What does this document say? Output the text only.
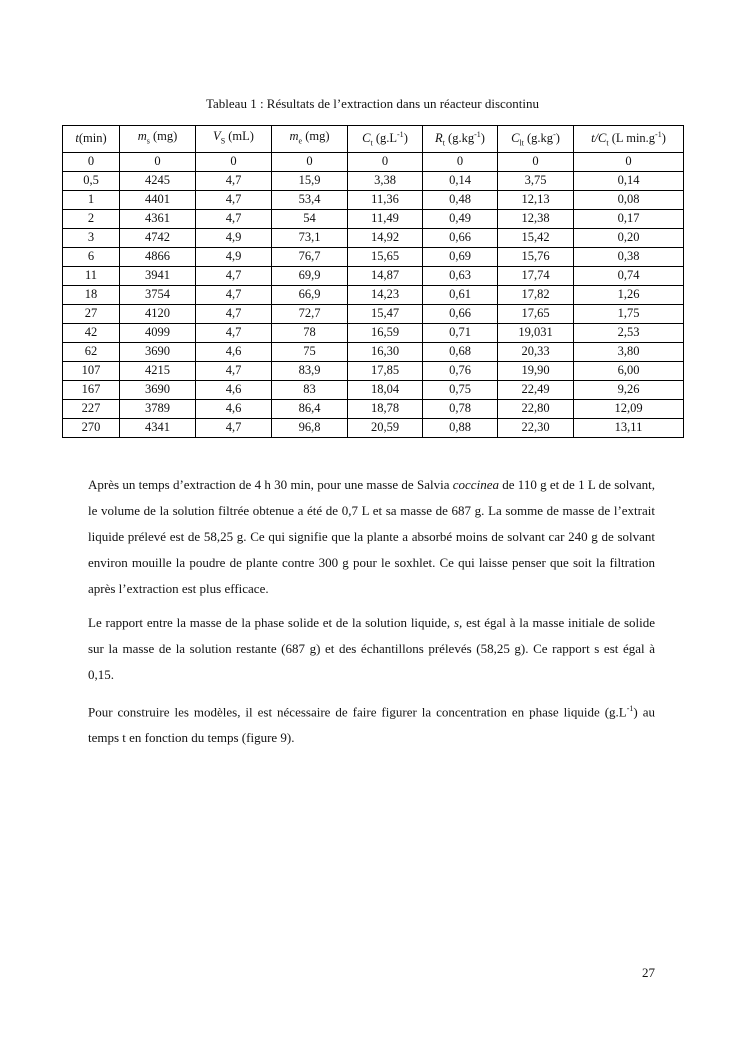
Tableau 1 : Résultats de l’extraction dans un réacteur discontinu
t(min)	$m_s$ (mg)	$V_S$ (mL)	$m_e$ (mg)	$C_t$ $(g.L^{-1})$	$R_t$ $(g.kg^{-1})$	$C_{lt}$ (g.kg-)	$t/C_t$ (L $\min.g^{-1}$)
0	0	0	0	0	0	0	0
0,5	4245	4,7	15,9	3,38	0,14	3,75	0,14
1	4401	4,7	53,4	11,36	0,48	12,13	0,08
2	4361	4,7	54	11,49	0,49	12,38	0,17
3	4742	4,9	73,1	14,92	0,66	15,42	0,20
6	4866	4,9	76,7	15,65	0,69	15,76	0,38
11	3941	4,7	69,9	14,87	0,63	17,74	0,74
18	3754	4,7	66,9	14,23	0,61	17,82	1,26
27	4120	4,7	72,7	15,47	0,66	17,65	1,75
42	4099	4,7	78	16,59	0,71	19,031	2,53
62	3690	4,6	75	16,30	0,68	20,33	3,80
107	4215	4,7	83,9	17,85	0,76	19,90	6,00
167	3690	4,6	83	18,04	0,75	22,49	9,26
227	3789	4,6	86,4	18,78	0,78	22,80	12,09
270	4341	4,7	96,8	20,59	0,88	22,30	13,11

Après un temps d’extraction de 4 h 30 min, pour une masse de Salvia coccinea de 110 g et de 1 L de solvant, le volume de la solution filtrée obtenue a été de 0,7 L et sa masse de 687 g. La somme de masse de l’extrait liquide prélevé est de 58,25 g. Ce qui signifie que la plante a absorbé moins de solvant car 240 g de solvant environ mouille la poudre de plante contre 300 g pour le soxhlet. Ce qui laisse penser que soit la filtration après l’extraction est plus efficace.

Le rapport entre la masse de la phase solide et de la solution liquide, s, est égal à la masse initiale de solide sur la masse de la solution restante (687 g) et des échantillons prélevés (58,25 g). Ce rapport s est égal à 0,15.

Pour construire les modèles, il est nécessaire de faire figurer la concentration en phase liquide $(g.L^{-1})$ au temps t en fonction du temps (figure 9).

27
